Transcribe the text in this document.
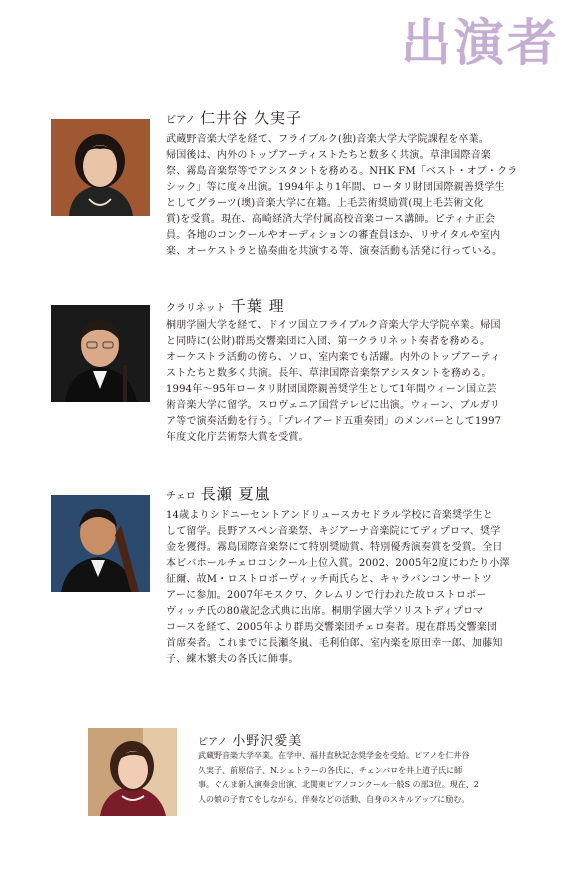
出演者
ピアノ 仁井谷 久実子
武蔵野音楽大学を経て、フライブルク(独)音楽大学大学院課程を卒業。
帰国後は、内外のトップアーティストたちと数多く共演。草津国際音楽
祭、霧島音楽祭等でアシスタントを務める。NHK FM「ベスト・オブ・クラ
シック」等に度々出演。1994年より1年間、ロータリ財団国際親善奨学生
としてグラーツ(墺)音楽大学に在籍。上毛芸術奨励賞(現上毛芸術文化
賞)を受賞。現在、高崎経済大学付属高校音楽コース講師。ピティナ正会
員。各地のコンクールやオーディションの審査員ほか、リサイタルや室内
楽、オーケストラと協奏曲を共演する等、演奏活動も活発に行っている。
クラリネット 千葉 理
桐朋学園大学を経て、ドイツ国立フライブルク音楽大学大学院卒業。帰国
と同時に(公財)群馬交響楽団に入団、第一クラリネット奏者を務める。
オーケストラ活動の傍ら、ソロ、室内楽でも活躍。内外のトップアーティ
ストたちと数多く共演。長年、草津国際音楽祭アシスタントを務める。
1994年～95年ロータリ財団国際親善奨学生として1年間ウィーン国立芸
術音楽大学に留学。スロヴェニア国営テレビに出演。ウィーン、ブルガリ
ア等で演奏活動を行う。「プレイアード五重奏団」のメンバーとして1997
年度文化庁芸術祭大賞を受賞。
チェロ 長瀬 夏嵐
14歳よりシドニーセントアンドリュースカセドラル学校に音楽奨学生と
して留学。長野アスペン音楽祭、キジアーナ音楽院にてディプロマ、奨学
金を獲得。霧島国際音楽祭にて特別奨励賞、特別優秀演奏賞を受賞。全日
本ビバホールチェロコンクール上位入賞。2002、2005年2度にわたり小澤
征爾、故M・ロストロポーヴィッチ両氏らと、キャラバンコンサートツ
アーに参加。2007年モスクワ、クレムリンで行われた故ロストロポー
ヴィッチ氏の80歳記念式典に出席。桐朋学園大学ソリストディプロマ
コースを経て、2005年より群馬交響楽団チェロ奏者。現在群馬交響楽団
首席奏者。これまでに長瀬冬嵐、毛利伯郎、室内楽を原田幸一郎、加藤知
子、練木繁夫の各氏に師事。
ピアノ 小野沢愛美
武蔵野音楽大学卒業。在学中、福井直秋記念奨学金を受給。ピアノを仁井谷
久実子、前原信子、N.シェトラーの各氏に、チェンバロを井上道子氏に師
事。ぐんま新人演奏会出演、北関東ピアノコンクール一般S の部3位。現在、2
人の娘の子育てをしながら、伴奏などの活動、自身のスキルアップに励む。
